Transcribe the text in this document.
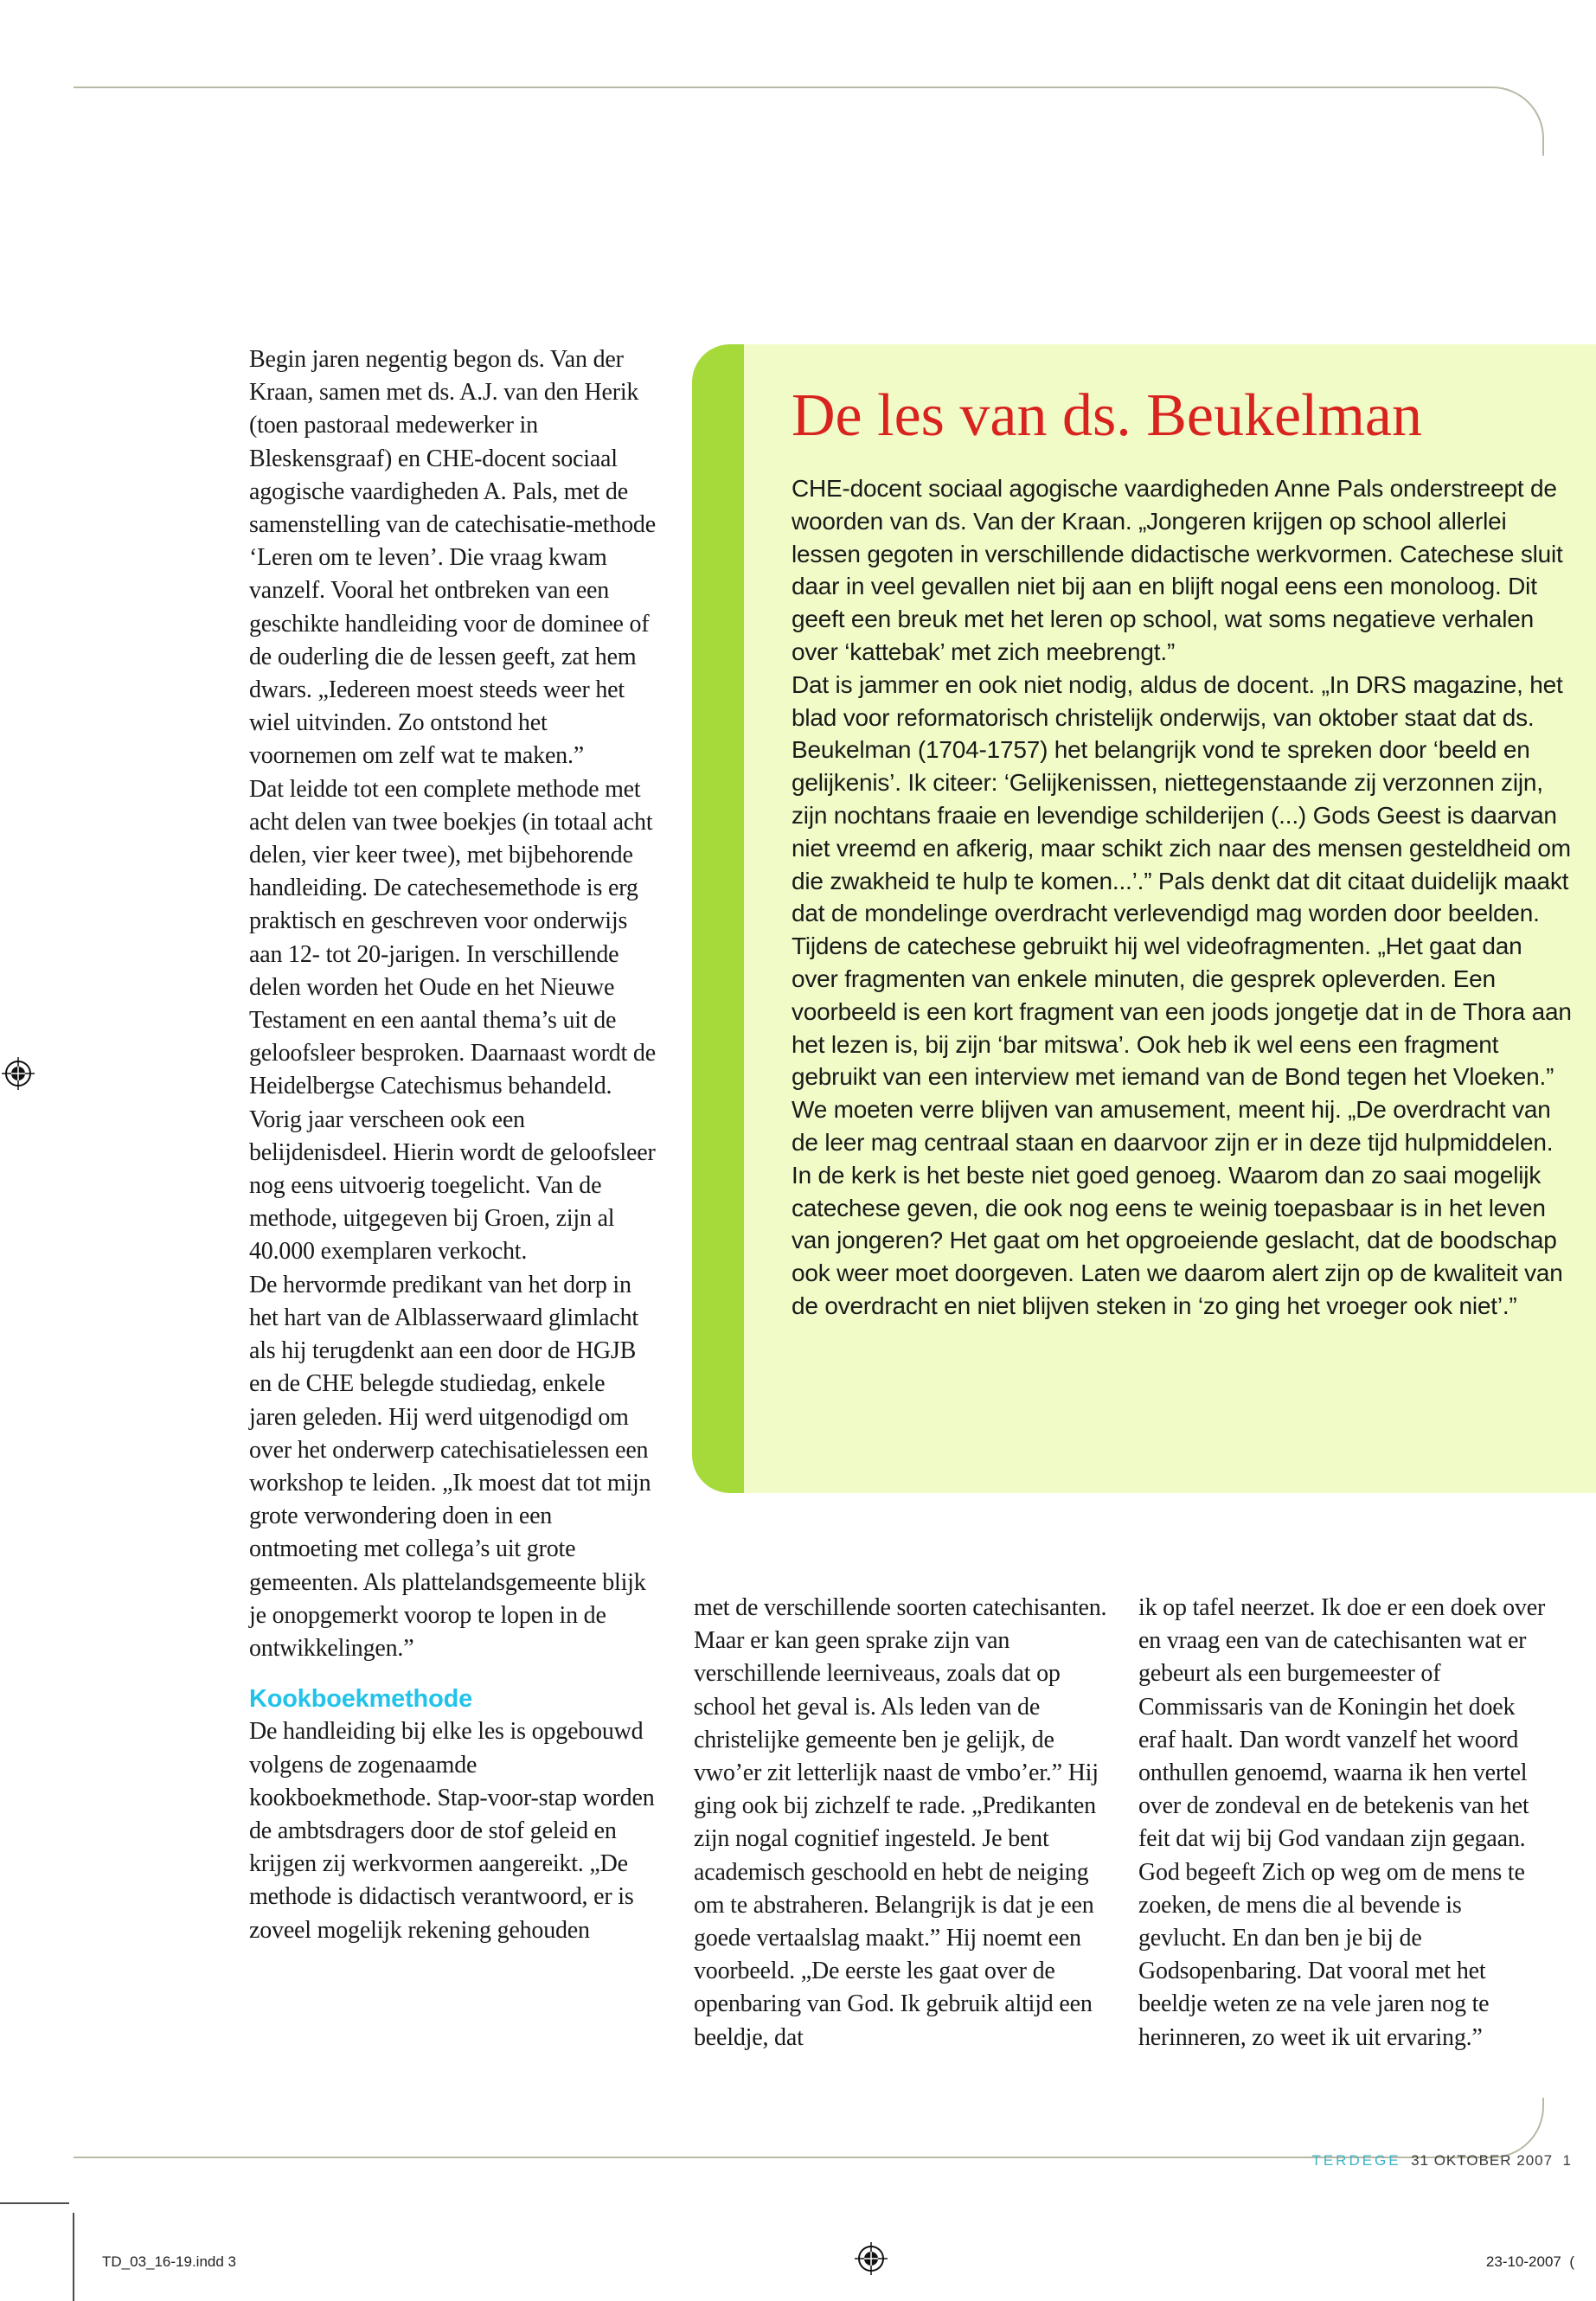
Begin jaren negentig begon ds. Van der Kraan, samen met ds. A.J. van den Herik (toen pastoraal medewerker in Bleskensgraaf) en CHE-docent sociaal agogische vaardigheden A. Pals, met de samenstelling van de catechisatie-methode ‘Leren om te leven’. Die vraag kwam vanzelf. Vooral het ontbreken van een geschikte handleiding voor de dominee of de ouderling die de lessen geeft, zat hem dwars. „Iedereen moest steeds weer het wiel uitvinden. Zo ontstond het voornemen om zelf wat te maken.”

Dat leidde tot een complete methode met acht delen van twee boekjes (in totaal acht delen, vier keer twee), met bijbehorende handleiding. De catechesemethode is erg praktisch en geschreven voor onderwijs aan 12- tot 20-jarigen. In verschillende delen worden het Oude en het Nieuwe Testament en een aantal thema’s uit de geloofsleer besproken. Daarnaast wordt de Heidelbergse Catechismus behandeld. Vorig jaar verscheen ook een belijdenisdeel. Hierin wordt de geloofsleer nog eens uitvoerig toegelicht. Van de methode, uitgegeven bij Groen, zijn al 40.000 exemplaren verkocht.

De hervormde predikant van het dorp in het hart van de Alblasserwaard glimlacht als hij terugdenkt aan een door de HGJB en de CHE belegde studiedag, enkele jaren geleden. Hij werd uitgenodigd om over het onderwerp catechisatielessen een workshop te leiden. „Ik moest dat tot mijn grote verwondering doen in een ontmoeting met collega’s uit grote gemeenten. Als plattelandsgemeente blijk je onopgemerkt voorop te lopen in de ontwikkelingen.”

Kookboekmethode

De handleiding bij elke les is opgebouwd volgens de zogenaamde kookboekmethode. Stap-voor-stap worden de ambtsdragers door de stof geleid en krijgen zij werkvormen aangereikt. „De methode is didactisch verantwoord, er is zoveel mogelijk rekening gehouden

De les van ds. Beukelman

CHE-docent sociaal agogische vaardigheden Anne Pals onderstreept de woorden van ds. Van der Kraan. „Jongeren krijgen op school allerlei lessen gegoten in verschillende didactische werkvormen. Catechese sluit daar in veel gevallen niet bij aan en blijft nogal eens een monoloog. Dit geeft een breuk met het leren op school, wat soms negatieve verhalen over ‘kattebak’ met zich meebrengt.”

Dat is jammer en ook niet nodig, aldus de docent. „In DRS magazine, het blad voor reformatorisch christelijk onderwijs, van oktober staat dat ds. Beukelman (1704-1757) het belangrijk vond te spreken door ‘beeld en gelijkenis’. Ik citeer: ‘Gelijkenissen, niettegenstaande zij verzonnen zijn, zijn nochtans fraaie en levendige schilderijen (...) Gods Geest is daarvan niet vreemd en afkerig, maar schikt zich naar des mensen gesteldheid om die zwakheid te hulp te komen...’.” Pals denkt dat dit citaat duidelijk maakt dat de mondelinge overdracht verlevendigd mag worden door beelden. Tijdens de catechese gebruikt hij wel videofragmenten. „Het gaat dan over fragmenten van enkele minuten, die gesprek opleverden. Een voorbeeld is een kort fragment van een joods jongetje dat in de Thora aan het lezen is, bij zijn ‘bar mitswa’. Ook heb ik wel eens een fragment gebruikt van een interview met iemand van de Bond tegen het Vloeken.”

We moeten verre blijven van amusement, meent hij. „De overdracht van de leer mag centraal staan en daarvoor zijn er in deze tijd hulpmiddelen. In de kerk is het beste niet goed genoeg. Waarom dan zo saai mogelijk catechese geven, die ook nog eens te weinig toepasbaar is in het leven van jongeren? Het gaat om het opgroeiende geslacht, dat de boodschap ook weer moet doorgeven. Laten we daarom alert zijn op de kwaliteit van de overdracht en niet blijven steken in ‘zo ging het vroeger ook niet’.”

met de verschillende soorten catechisanten. Maar er kan geen sprake zijn van verschillende leerniveaus, zoals dat op school het geval is. Als leden van de christelijke gemeente ben je gelijk, de vwo’er zit letterlijk naast de vmbo’er.” Hij ging ook bij zichzelf te rade. „Predikanten zijn nogal cognitief ingesteld. Je bent academisch geschoold en hebt de neiging om te abstraheren. Belangrijk is dat je een goede vertaalslag maakt.” Hij noemt een voorbeeld. „De eerste les gaat over de openbaring van God. Ik gebruik altijd een beeldje, dat

ik op tafel neerzet. Ik doe er een doek over en vraag een van de catechisanten wat er gebeurt als een burgemeester of Commissaris van de Koningin het doek eraf haalt. Dan wordt vanzelf het woord onthullen genoemd, waarna ik hen vertel over de zondeval en de betekenis van het feit dat wij bij God vandaan zijn gegaan. God begeeft Zich op weg om de mens te zoeken, de mens die al bevende is gevlucht. En dan ben je bij de Godsopenbaring. Dat vooral met het beeldje weten ze na vele jaren nog te herinneren, zo weet ik uit ervaring.”

TERDEGE 31 OKTOBER 2007 1
TD_03_16-19.indd 3	23-10-2007 (
